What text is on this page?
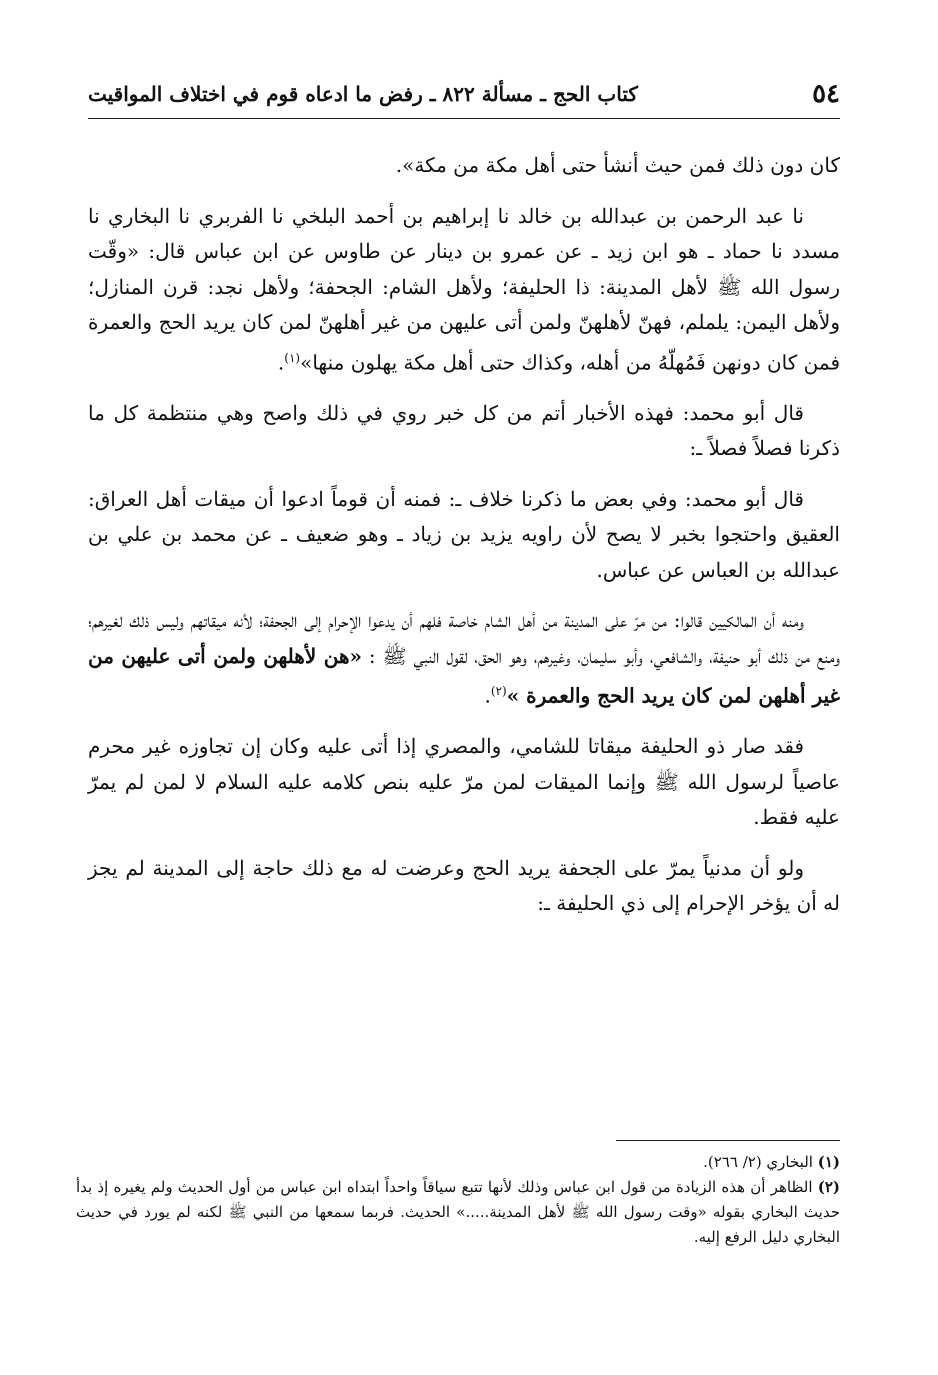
٥٤
كتاب الحج ـ مسألة ٨٢٢ ـ رفض ما ادعاه قوم في اختلاف المواقيت

كان دون ذلك فمن حيث أنشأ حتى أهل مكة من مكة».

نا عبد الرحمن بن عبدالله بن خالد نا إبراهيم بن أحمد البلخي نا الفربري نا البخاري نا مسدد نا حماد ـ هو ابن زيد ـ عن عمرو بن دينار عن طاوس عن ابن عباس قال: «وقّت رسول الله ﷺ لأهل المدينة: ذا الحليفة؛ ولأهل الشام: الجحفة؛ ولأهل نجد: قرن المنازل؛ ولأهل اليمن: يلملم، فهنّ لأهلهنّ ولمن أتى عليهن من غير أهلهنّ لمن كان يريد الحج والعمرة فمن كان دونهن فَمُهلّهُ من أهله، وكذاك حتى أهل مكة يهلون منها»$^{(١)}$.

قال أبو محمد: فهذه الأخبار أتم من كل خبر روي في ذلك واصح وهي منتظمة كل ما ذكرنا فصلاً فصلاً ـ:

قال أبو محمد: وفي بعض ما ذكرنا خلاف ـ: فمنه أن قوماً ادعوا أن ميقات أهل العراق: العقيق واحتجوا بخبر لا يصح لأن راويه يزيد بن زياد ـ وهو ضعيف ـ عن محمد بن علي بن عبدالله بن العباس عن عباس.

ومنه أن المالكيين قالوا: من مرّ على المدينة من أهل الشام خاصة فلهم أن يدعوا الإحرام إلى الجحفة؛ لأنه ميقاتهم وليس ذلك لغيرهم؛ ومنع من ذلك أبو حنيفة، والشافعي، وأبو سليمان، وغيرهم، وهو الحق، لقول النبي ﷺ : «هن لأهلهن ولمن أتى عليهن من غير أهلهن لمن كان يريد الحج والعمرة »$^{(٢)}$.

فقد صار ذو الحليفة ميقاتا للشامي، والمصري إذا أتى عليه وكان إن تجاوزه غير محرم عاصياً لرسول الله ﷺ وإنما الميقات لمن مرّ عليه بنص كلامه عليه السلام لا لمن لم يمرّ عليه فقط.

ولو أن مدنياً يمرّ على الجحفة يريد الحج وعرضت له مع ذلك حاجة إلى المدينة لم يجز له أن يؤخر الإحرام إلى ذي الحليفة ـ:

(١) البخاري (٢/ ٢٦٦).

(٢) الظاهر أن هذه الزيادة من قول ابن عباس وذلك لأنها تتبع سياقاً واحداً ابتداه ابن عباس من أول الحديث ولم يغيره إذ بدأ حديث البخاري بقوله «وقت رسول الله ﷺ لأهل المدينة.....» الحديث. فربما سمعها من النبي ﷺ لكنه لم يورد في حديث البخاري دليل الرفع إليه.
